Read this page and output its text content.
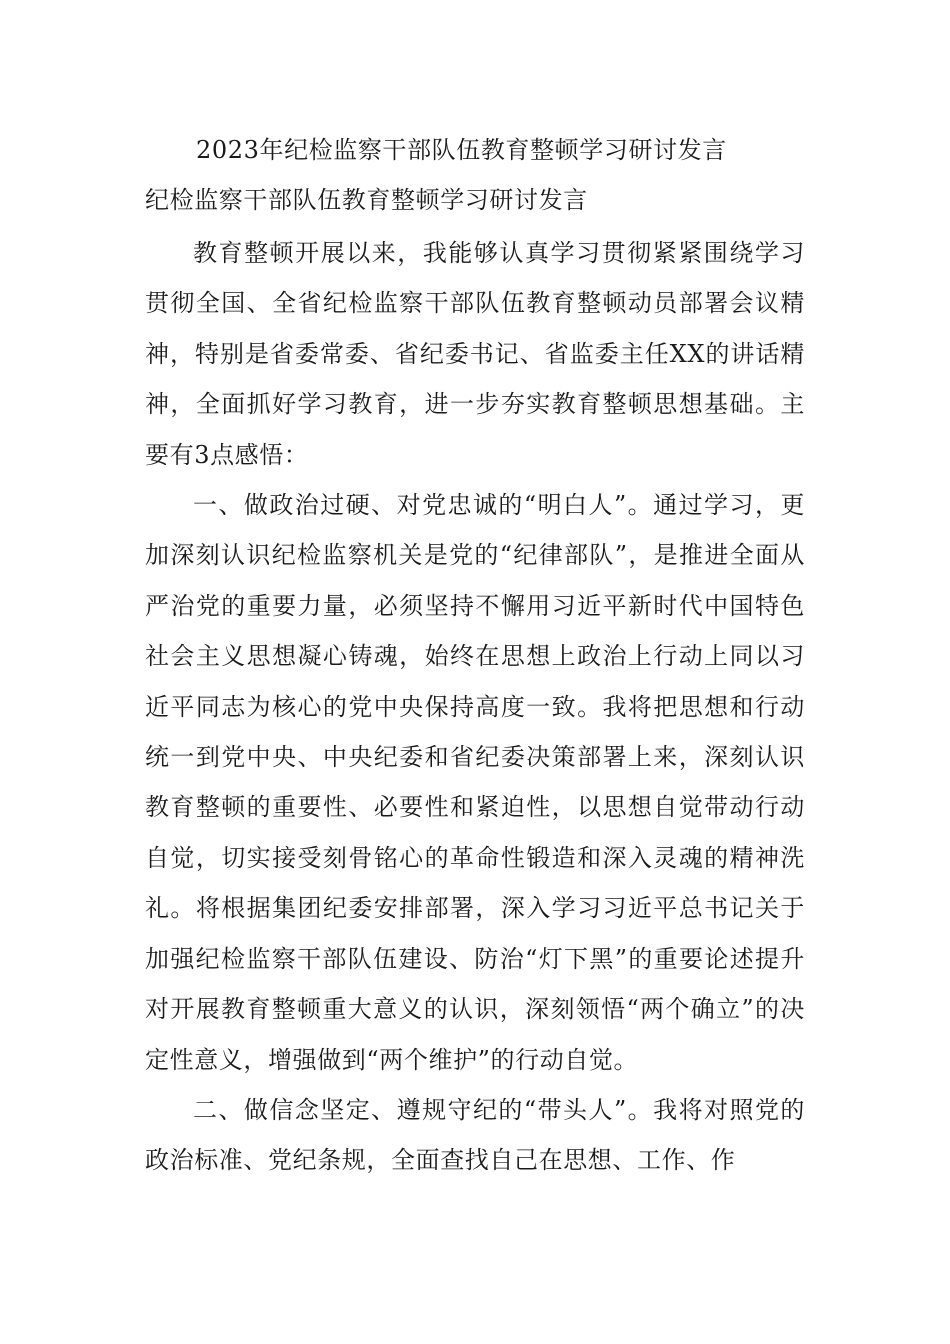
2023年纪检监察干部队伍教育整顿学习研讨发言
纪检监察干部队伍教育整顿学习研讨发言

教育整顿开展以来，我能够认真学习贯彻紧紧围绕学习贯彻全国、全省纪检监察干部队伍教育整顿动员部署会议精神，特别是省委常委、省纪委书记、省监委主任XX的讲话精神，全面抓好学习教育，进一步夯实教育整顿思想基础。主要有3点感悟：

一、做政治过硬、对党忠诚的“明白人”。通过学习，更加深刻认识纪检监察机关是党的“纪律部队”，是推进全面从严治党的重要力量，必须坚持不懈用习近平新时代中国特色社会主义思想凝心铸魂，始终在思想上政治上行动上同以习近平同志为核心的党中央保持高度一致。我将把思想和行动统一到党中央、中央纪委和省纪委决策部署上来，深刻认识教育整顿的重要性、必要性和紧迫性，以思想自觉带动行动自觉，切实接受刻骨铭心的革命性锻造和深入灵魂的精神洗礼。将根据集团纪委安排部署，深入学习习近平总书记关于加强纪检监察干部队伍建设、防治“灯下黑”的重要论述提升对开展教育整顿重大意义的认识，深刻领悟“两个确立”的决定性意义，增强做到“两个维护”的行动自觉。

二、做信念坚定、遵规守纪的“带头人”。我将对照党的政治标准、党纪条规，全面查找自己在思想、工作、作
